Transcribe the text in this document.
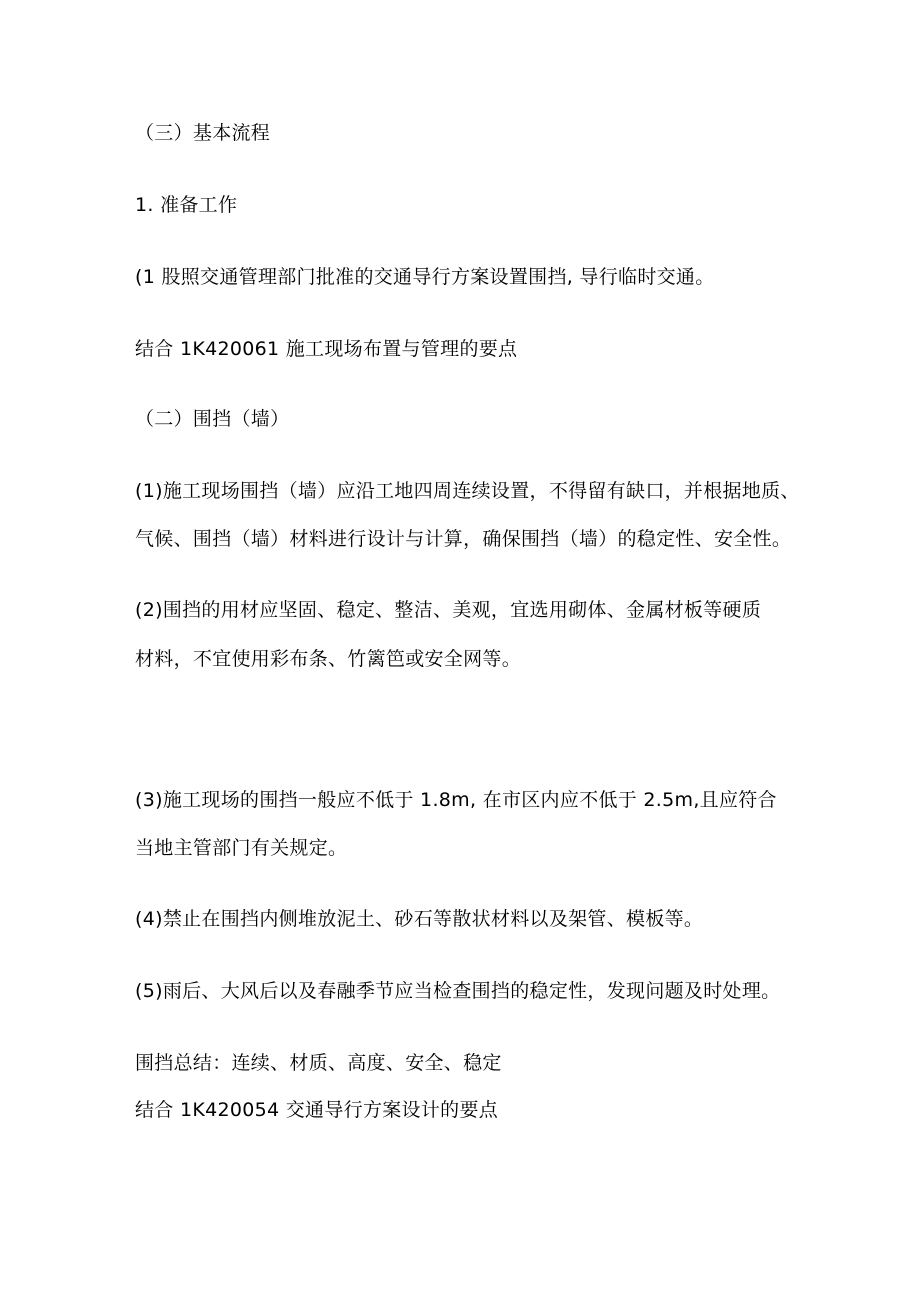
（三）基本流程
1. 准备工作
(1 股照交通管理部门批准的交通导行方案设置围挡, 导行临时交通。
结合 1K420061 施工现场布置与管理的要点
（二）围挡（墙）
(1)施工现场围挡（墙）应沿工地四周连续设置，不得留有缺口，并根据地质、
气候、围挡（墙）材料进行设计与计算，确保围挡（墙）的稳定性、安全性。
(2)围挡的用材应坚固、稳定、整洁、美观，宜选用砌体、金属材板等硬质
材料，不宜使用彩布条、竹篱笆或安全网等。
(3)施工现场的围挡一般应不低于 1.8m, 在市区内应不低于 2.5m,且应符合
当地主管部门有关规定。
(4)禁止在围挡内侧堆放泥土、砂石等散状材料以及架管、模板等。
(5)雨后、大风后以及春融季节应当检查围挡的稳定性，发现问题及时处理。
围挡总结：连续、材质、高度、安全、稳定
结合 1K420054 交通导行方案设计的要点
